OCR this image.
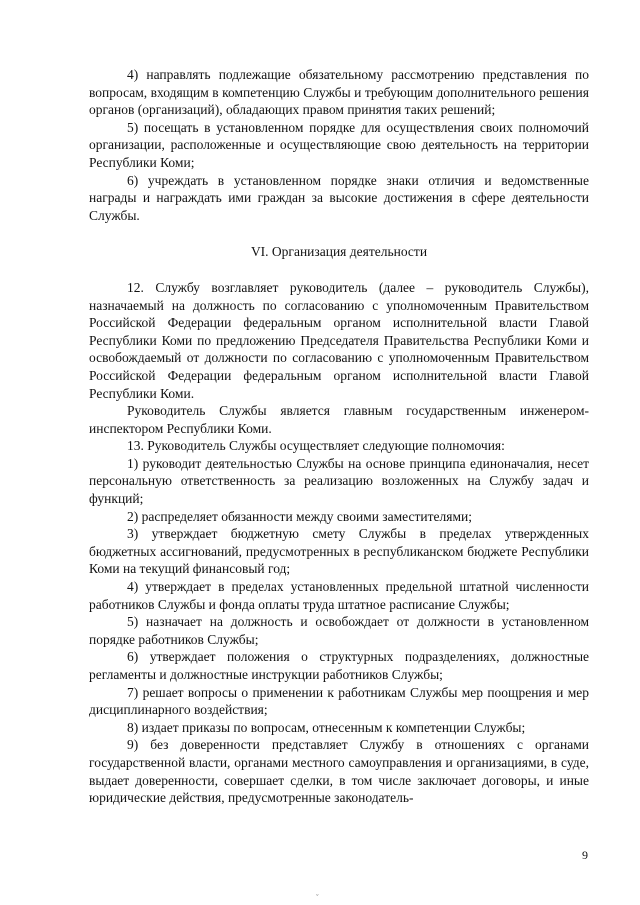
4) направлять подлежащие обязательному рассмотрению представления по вопросам, входящим в компетенцию Службы и требующим дополнительного решения органов (организаций), обладающих правом принятия таких решений;

5) посещать в установленном порядке для осуществления своих полномочий организации, расположенные и осуществляющие свою деятельность на территории Республики Коми;

6) учреждать в установленном порядке знаки отличия и ведомственные награды и награждать ими граждан за высокие достижения в сфере деятельности Службы.

VI. Организация деятельности

12. Службу возглавляет руководитель (далее – руководитель Службы), назначаемый на должность по согласованию с уполномоченным Правительством Российской Федерации федеральным органом исполнительной власти Главой Республики Коми по предложению Председателя Правительства Республики Коми и освобождаемый от должности по согласованию с уполномоченным Правительством Российской Федерации федеральным органом исполнительной власти Главой Республики Коми.

Руководитель Службы является главным государственным инженером-инспектором Республики Коми.

13. Руководитель Службы осуществляет следующие полномочия:

1) руководит деятельностью Службы на основе принципа единоначалия, несет персональную ответственность за реализацию возложенных на Службу задач и функций;

2) распределяет обязанности между своими заместителями;

3) утверждает бюджетную смету Службы в пределах утвержденных бюджетных ассигнований, предусмотренных в республиканском бюджете Республики Коми на текущий финансовый год;

4) утверждает в пределах установленных предельной штатной численности работников Службы и фонда оплаты труда штатное расписание Службы;

5) назначает на должность и освобождает от должности в установленном порядке работников Службы;

6) утверждает положения о структурных подразделениях, должностные регламенты и должностные инструкции работников Службы;

7) решает вопросы о применении к работникам Службы мер поощрения и мер дисциплинарного воздействия;

8) издает приказы по вопросам, отнесенным к компетенции Службы;

9) без доверенности представляет Службу в отношениях с органами государственной власти, органами местного самоуправления и организациями, в суде, выдает доверенности, совершает сделки, в том числе заключает договоры, и иные юридические действия, предусмотренные законодатель-

9
ˇ
